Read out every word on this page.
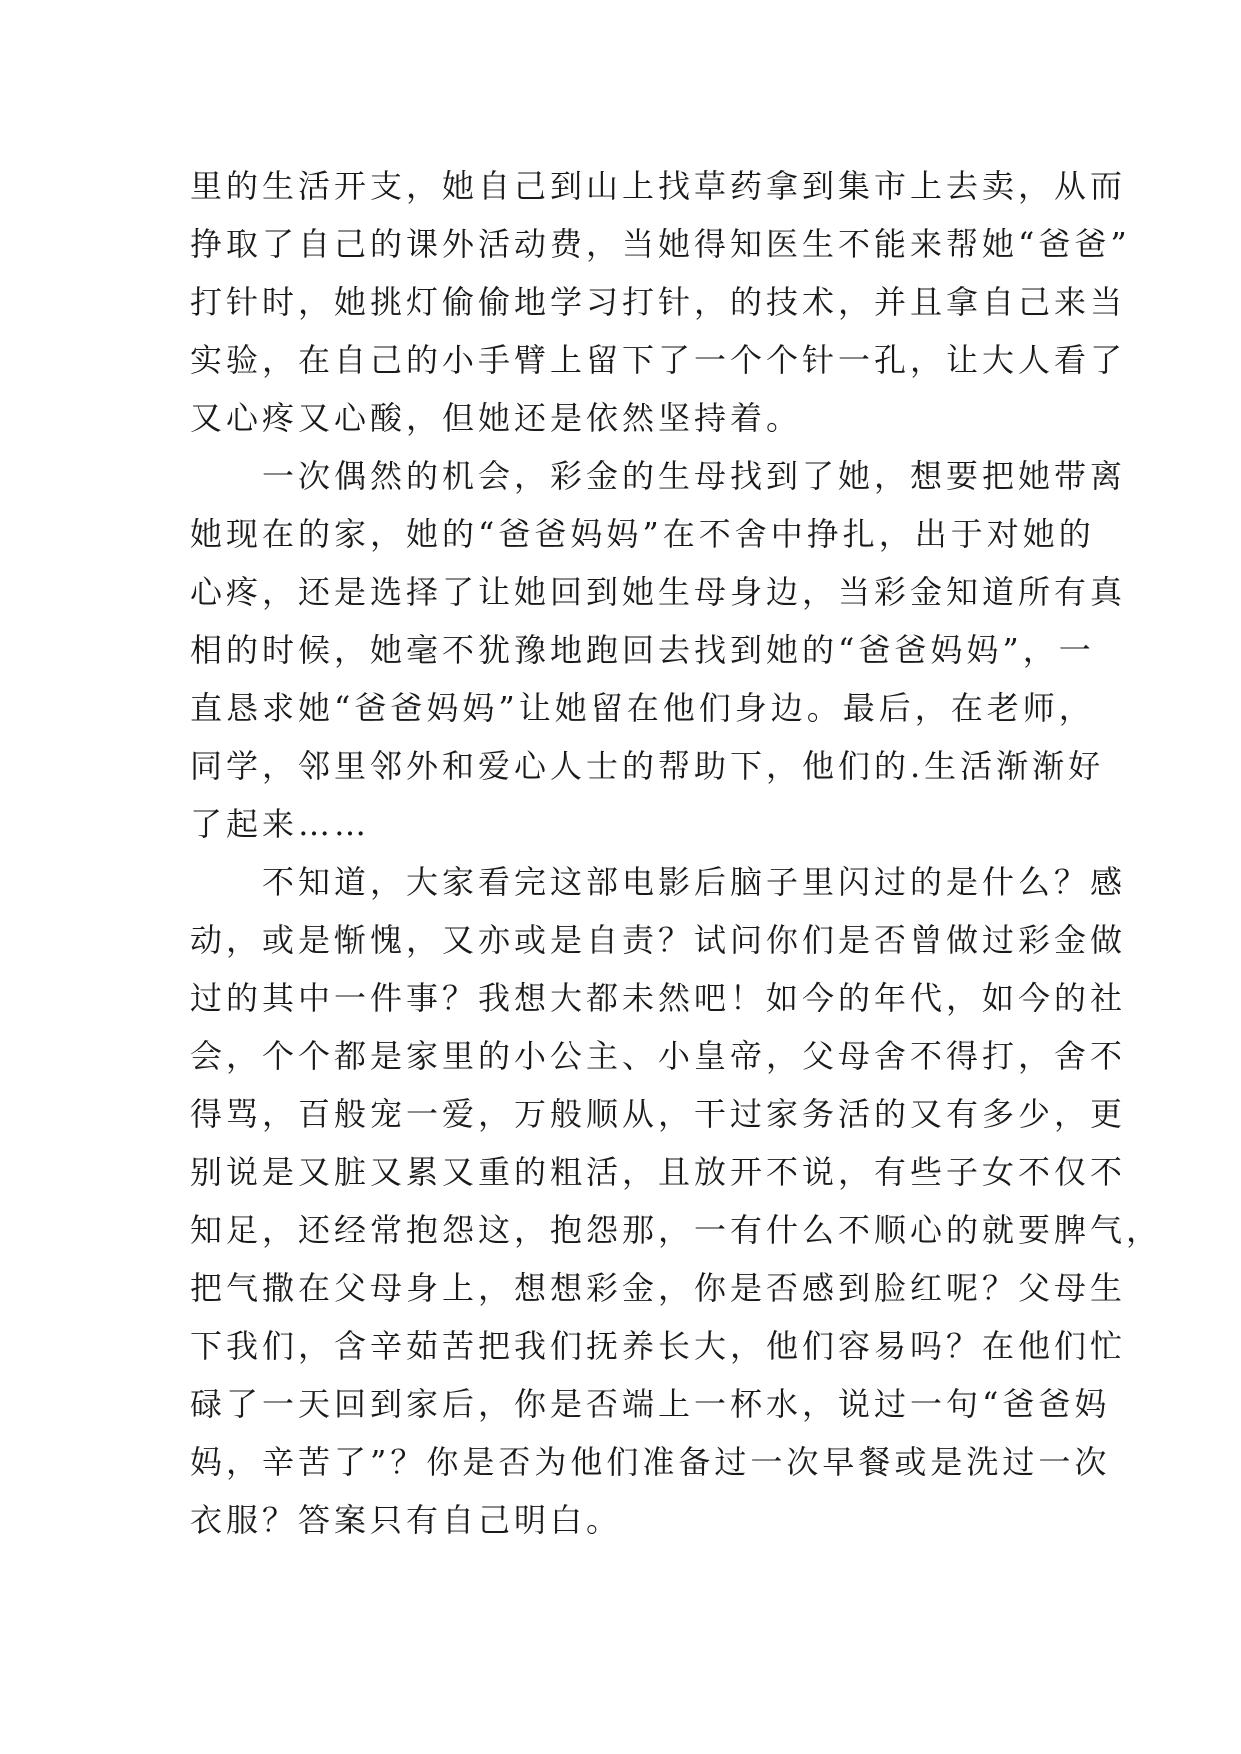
里的生活开支，她自己到山上找草药拿到集市上去卖，从而
挣取了自己的课外活动费，当她得知医生不能来帮她“爸爸”
打针时，她挑灯偷偷地学习打针，的技术，并且拿自己来当
实验，在自己的小手臂上留下了一个个针一孔，让大人看了
又心疼又心酸，但她还是依然坚持着。
一次偶然的机会，彩金的生母找到了她，想要把她带离
她现在的家，她的“爸爸妈妈”在不舍中挣扎，出于对她的
心疼，还是选择了让她回到她生母身边，当彩金知道所有真
相的时候，她毫不犹豫地跑回去找到她的“爸爸妈妈”，一
直恳求她“爸爸妈妈”让她留在他们身边。最后，在老师，
同学，邻里邻外和爱心人士的帮助下，他们的.生活渐渐好
了起来……
不知道，大家看完这部电影后脑子里闪过的是什么？感
动，或是惭愧，又亦或是自责？试问你们是否曾做过彩金做
过的其中一件事？我想大都未然吧！如今的年代，如今的社
会，个个都是家里的小公主、小皇帝，父母舍不得打，舍不
得骂，百般宠一爱，万般顺从，干过家务活的又有多少，更
别说是又脏又累又重的粗活，且放开不说，有些子女不仅不
知足，还经常抱怨这，抱怨那，一有什么不顺心的就要脾气，
把气撒在父母身上，想想彩金，你是否感到脸红呢？父母生
下我们，含辛茹苦把我们抚养长大，他们容易吗？在他们忙
碌了一天回到家后，你是否端上一杯水，说过一句“爸爸妈
妈，辛苦了”？你是否为他们准备过一次早餐或是洗过一次
衣服？答案只有自己明白。
